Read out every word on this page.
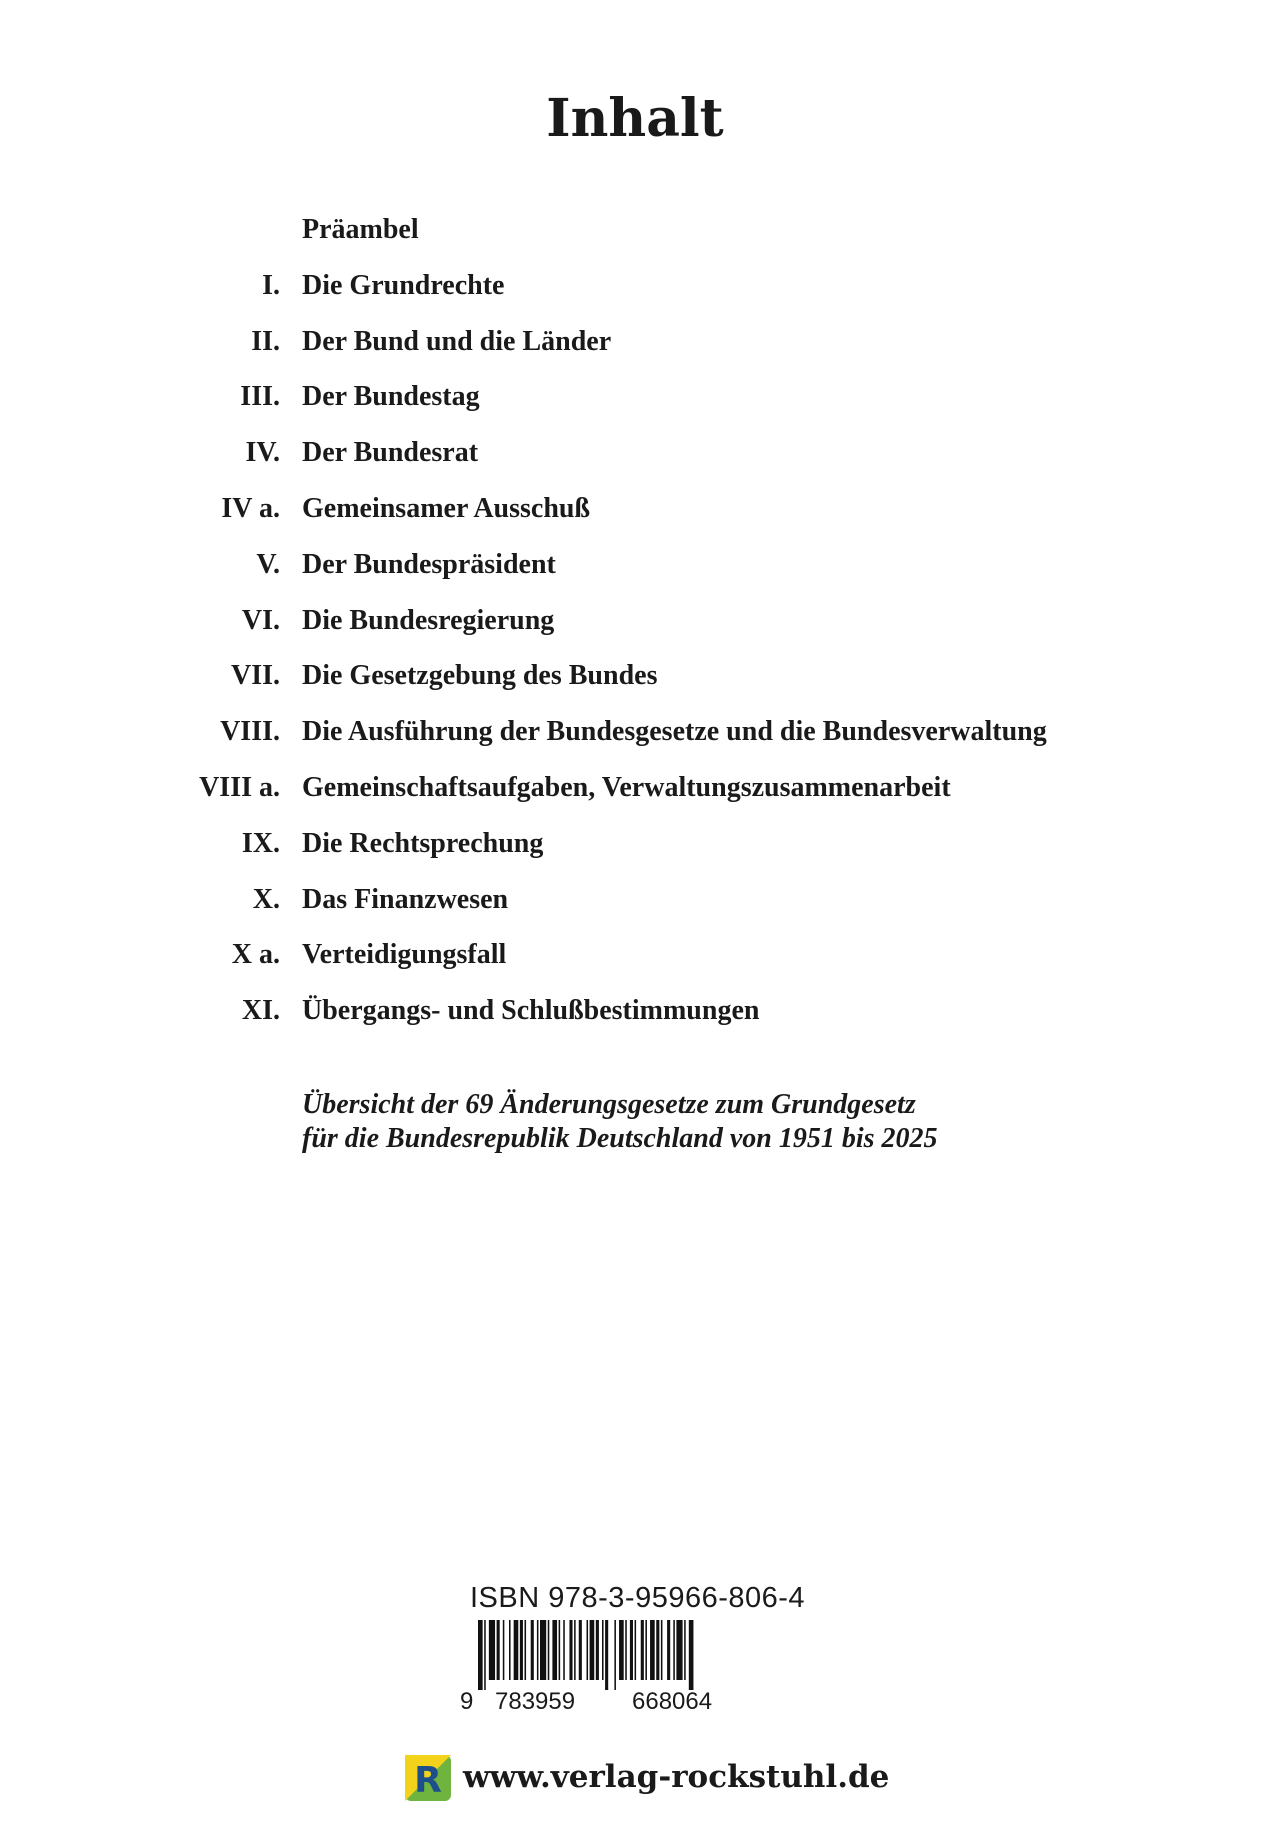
Inhalt
Präambel
I. Die Grundrechte
II. Der Bund und die Länder
III. Der Bundestag
IV. Der Bundesrat
IV a. Gemeinsamer Ausschuß
V. Der Bundespräsident
VI. Die Bundesregierung
VII. Die Gesetzgebung des Bundes
VIII. Die Ausführung der Bundesgesetze und die Bundesverwaltung
VIII a. Gemeinschaftsaufgaben, Verwaltungszusammenarbeit
IX. Die Rechtsprechung
X. Das Finanzwesen
X a. Verteidigungsfall
XI. Übergangs- und Schlußbestimmungen
Übersicht der 69 Änderungsgesetze zum Grundgesetz
für die Bundesrepublik Deutschland von 1951 bis 2025
ISBN 978-3-95966-806-4
9 783959 668064
R www.verlag-rockstuhl.de
